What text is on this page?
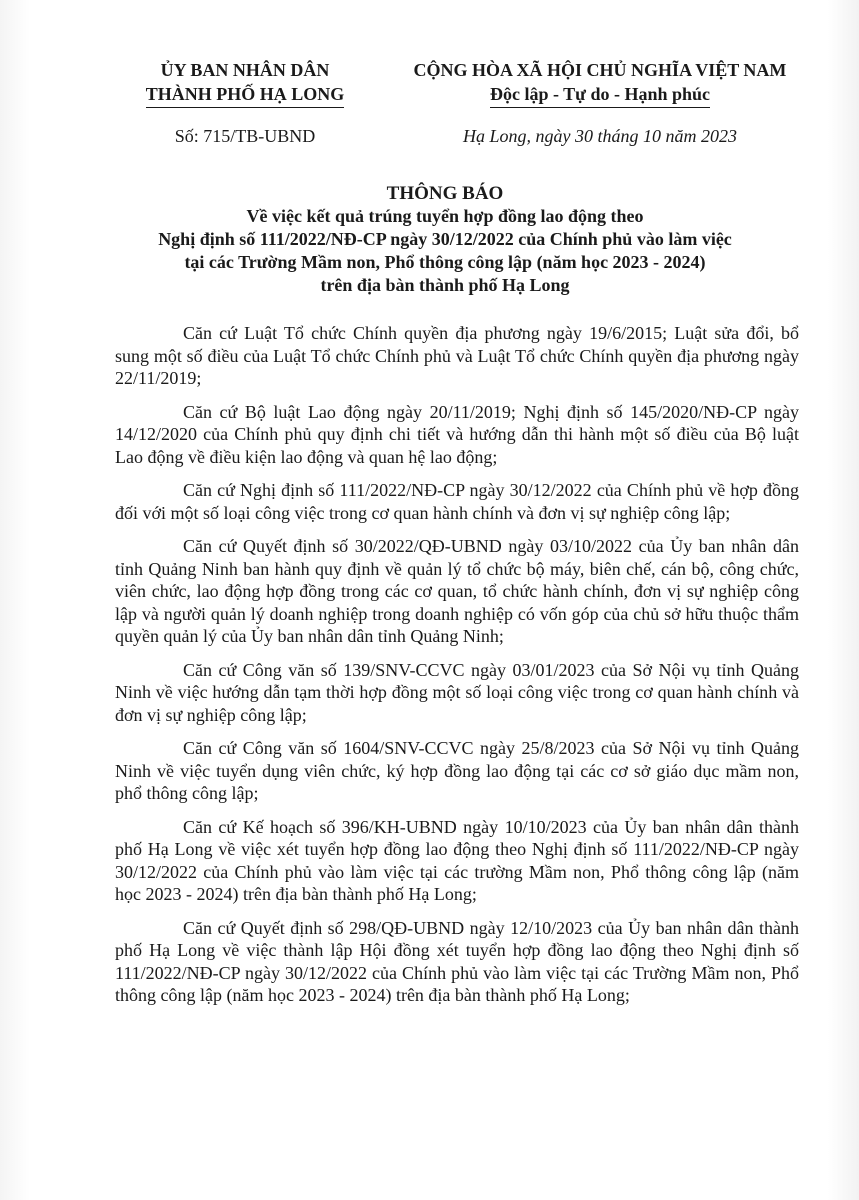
ỦY BAN NHÂN DÂN
THÀNH PHỐ HẠ LONG
CỘNG HÒA XÃ HỘI CHỦ NGHĨA VIỆT NAM
Độc lập - Tự do - Hạnh phúc
Số: 715/TB-UBND	Hạ Long, ngày 30 tháng 10 năm 2023
THÔNG BÁO
Về việc kết quả trúng tuyển hợp đồng lao động theo
Nghị định số 111/2022/NĐ-CP ngày 30/12/2022 của Chính phủ vào làm việc
tại các Trường Mầm non, Phổ thông công lập (năm học 2023 - 2024)
trên địa bàn thành phố Hạ Long

Căn cứ Luật Tổ chức Chính quyền địa phương ngày 19/6/2015; Luật sửa đổi, bổ sung một số điều của Luật Tổ chức Chính phủ và Luật Tổ chức Chính quyền địa phương ngày 22/11/2019;

Căn cứ Bộ luật Lao động ngày 20/11/2019; Nghị định số 145/2020/NĐ-CP ngày 14/12/2020 của Chính phủ quy định chi tiết và hướng dẫn thi hành một số điều của Bộ luật Lao động về điều kiện lao động và quan hệ lao động;

Căn cứ Nghị định số 111/2022/NĐ-CP ngày 30/12/2022 của Chính phủ về hợp đồng đối với một số loại công việc trong cơ quan hành chính và đơn vị sự nghiệp công lập;

Căn cứ Quyết định số 30/2022/QĐ-UBND ngày 03/10/2022 của Ủy ban nhân dân tỉnh Quảng Ninh ban hành quy định về quản lý tổ chức bộ máy, biên chế, cán bộ, công chức, viên chức, lao động hợp đồng trong các cơ quan, tổ chức hành chính, đơn vị sự nghiệp công lập và người quản lý doanh nghiệp trong doanh nghiệp có vốn góp của chủ sở hữu thuộc thẩm quyền quản lý của Ủy ban nhân dân tỉnh Quảng Ninh;

Căn cứ Công văn số 139/SNV-CCVC ngày 03/01/2023 của Sở Nội vụ tỉnh Quảng Ninh về việc hướng dẫn tạm thời hợp đồng một số loại công việc trong cơ quan hành chính và đơn vị sự nghiệp công lập;

Căn cứ Công văn số 1604/SNV-CCVC ngày 25/8/2023 của Sở Nội vụ tỉnh Quảng Ninh về việc tuyển dụng viên chức, ký hợp đồng lao động tại các cơ sở giáo dục mầm non, phổ thông công lập;

Căn cứ Kế hoạch số 396/KH-UBND ngày 10/10/2023 của Ủy ban nhân dân thành phố Hạ Long về việc xét tuyển hợp đồng lao động theo Nghị định số 111/2022/NĐ-CP ngày 30/12/2022 của Chính phủ vào làm việc tại các trường Mầm non, Phổ thông công lập (năm học 2023 - 2024) trên địa bàn thành phố Hạ Long;

Căn cứ Quyết định số 298/QĐ-UBND ngày 12/10/2023 của Ủy ban nhân dân thành phố Hạ Long về việc thành lập Hội đồng xét tuyển hợp đồng lao động theo Nghị định số 111/2022/NĐ-CP ngày 30/12/2022 của Chính phủ vào làm việc tại các Trường Mầm non, Phổ thông công lập (năm học 2023 - 2024) trên địa bàn thành phố Hạ Long;
